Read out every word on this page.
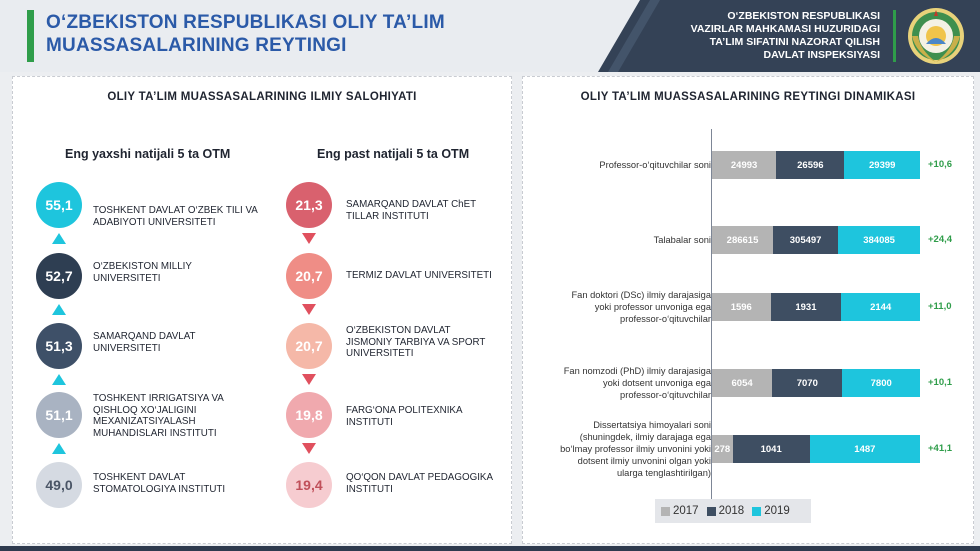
O‘ZBEKISTON RESPUBLIKASI OLIY TA’LIM
MUASSASALARINING REYTINGI
O‘ZBEKISTON RESPUBLIKASI
VAZIRLAR MAHKAMASI HUZURIDAGI
TA’LIM SIFATINI NAZORAT QILISH
DAVLAT INSPEKSIYASI
OLIY TA’LIM MUASSASALARINING ILMIY SALOHIYATI
Eng yaxshi natijali 5 ta OTM	Eng past natijali 5 ta OTM
55,1	TOSHKENT DAVLAT O‘ZBEK TILI VA
ADABIYOTI UNIVERSITETI
52,7
O‘ZBEKISTON MILLIY
UNIVERSITETI
51,3
SAMARQAND DAVLAT
UNIVERSITETI
51,1
TOSHKENT IRRIGATSIYA VA
QISHLOQ XO‘JALIGINI
MEXANIZATSIYALASH
MUHANDISLARI INSTITUTI
49,0	TOSHKENT DAVLAT
STOMATOLOGIYA INSTITUTI
21,3	SAMARQAND DAVLAT ChET
TILLAR INSTITUTI
20,7	TERMIZ DAVLAT UNIVERSITETI
20,7
O‘ZBEKISTON DAVLAT
JISMONIY TARBIYA VA SPORT
UNIVERSITETI
19,8	FARG‘ONA POLITEXNIKA
INSTITUTI
19,4	QO‘QON DAVLAT PEDAGOGIKA
INSTITUTI
OLIY TA’LIM MUASSASALARINING REYTINGI DINAMIKASI
Professor-o‘qituvchilar soni	24993	26596	29399	+10,6
Talabalar soni	286615	305497	384085	+24,4
Fan doktori (DSc) ilmiy darajasiga
yoki professor unvoniga ega
professor-o‘qituvchilar
1596	1931	2144	+11,0
Fan nomzodi (PhD) ilmiy darajasiga
yoki dotsent unvoniga ega
professor-o‘qituvchilar
6054	7070	7800	+10,1
Dissertatsiya himoyalari soni
(shuningdek, ilmiy darajaga ega
bo‘lmay professor ilmiy unvonini yoki
dotsent ilmiy unvonini olgan yoki
ularga tenglashtirilgan)
278	1041	1487	+41,1
2017 2018 2019
